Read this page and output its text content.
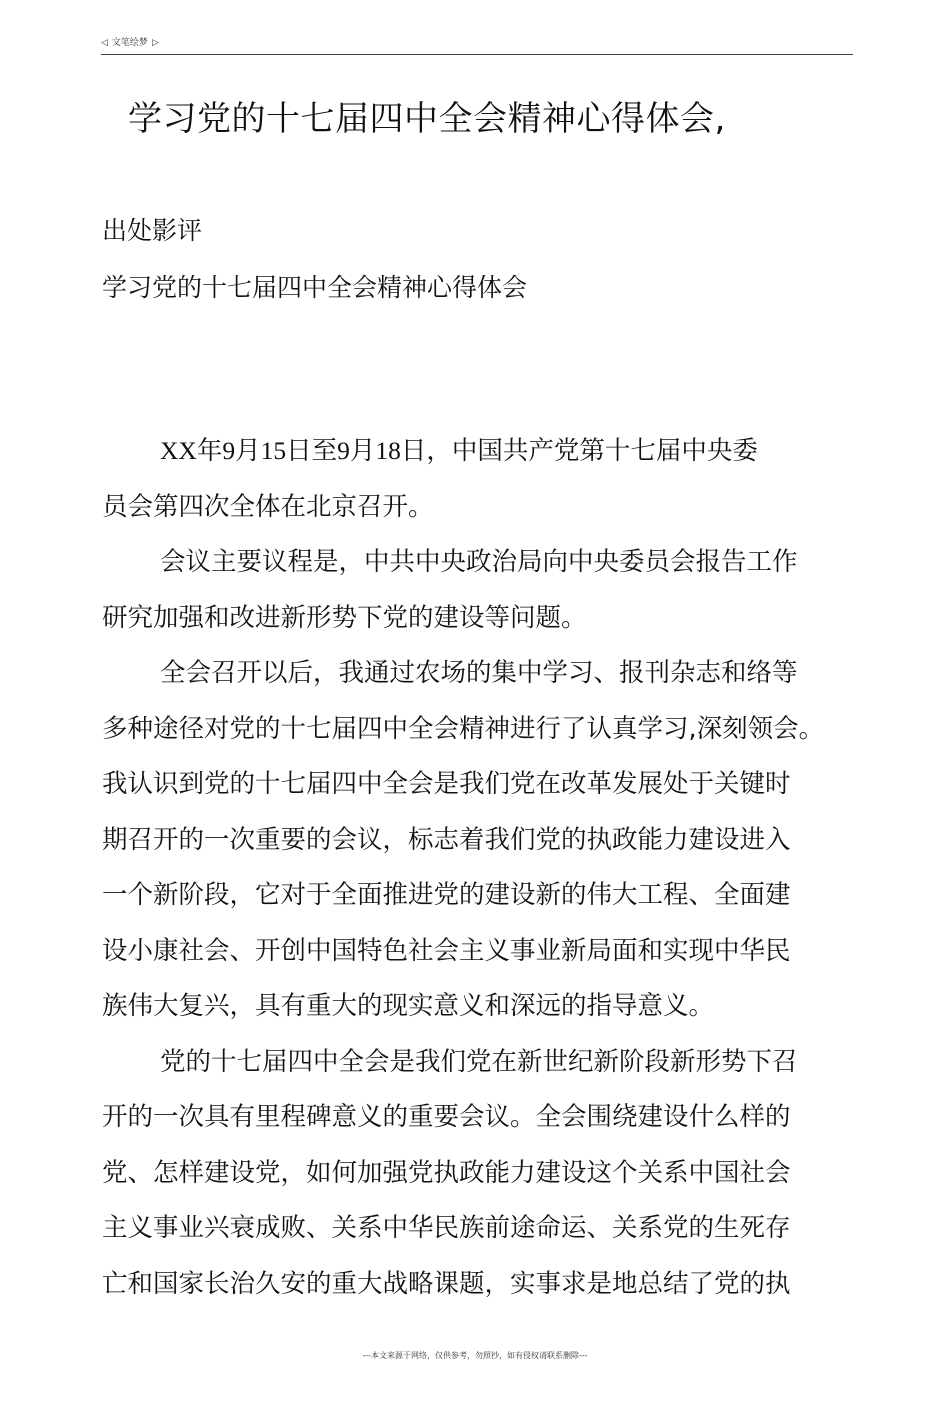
◁ 文笔绘梦 ▷
学习党的十七届四中全会精神心得体会,
出处影评
学习党的十七届四中全会精神心得体会

XX年9月15日至9月18日，中国共产党第十七届中央委

员会第四次全体在北京召开。

会议主要议程是，中共中央政治局向中央委员会报告工作

研究加强和改进新形势下党的建设等问题。

全会召开以后，我通过农场的集中学习、报刊杂志和络等

多种途径对党的十七届四中全会精神进行了认真学习,深刻领会。

我认识到党的十七届四中全会是我们党在改革发展处于关键时

期召开的一次重要的会议，标志着我们党的执政能力建设进入

一个新阶段，它对于全面推进党的建设新的伟大工程、全面建

设小康社会、开创中国特色社会主义事业新局面和实现中华民

族伟大复兴，具有重大的现实意义和深远的指导意义。

党的十七届四中全会是我们党在新世纪新阶段新形势下召

开的一次具有里程碑意义的重要会议。全会围绕建设什么样的

党、怎样建设党，如何加强党执政能力建设这个关系中国社会

主义事业兴衰成败、关系中华民族前途命运、关系党的生死存

亡和国家长治久安的重大战略课题，实事求是地总结了党的执

---本文来源于网络，仅供参考，勿照抄，如有侵权请联系删除---
